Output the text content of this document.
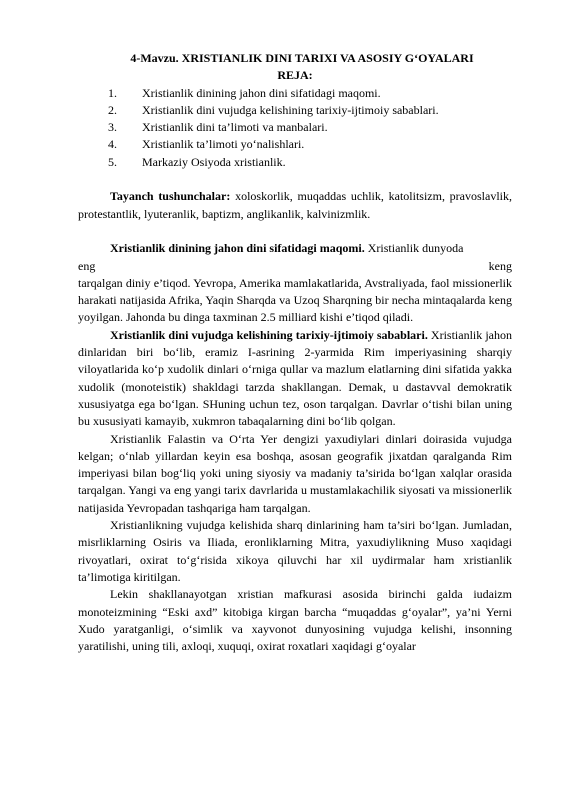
4-Mavzu. XRISTIANLIK DINI TARIXI VA ASOSIY G‘OYALARI
REJA:
1.	Xristianlik dinining jahon dini sifatidagi maqomi.
2.	Xristianlik dini vujudga kelishining tarixiy-ijtimoiy sabablari.
3.	Xristianlik dini ta’limoti va manbalari.
4.	Xristianlik ta’limoti yo‘nalishlari.
5.	Markaziy Osiyoda xristianlik.

Tayanch tushunchalar: xoloskorlik, muqaddas uchlik, katolitsizm, pravoslavlik, protestantlik, lyuteranlik, baptizm, anglikanlik, kalvinizmlik.

Xristianlik dinining jahon dini sifatidagi maqomi. Xristianlik dunyoda

eng	keng

tarqalgan diniy e’tiqod. Yevropa, Amerika mamlakatlarida, Avstraliyada, faol missionerlik harakati natijasida Afrika, Yaqin Sharqda va Uzoq Sharqning bir necha mintaqalarda keng yoyilgan. Jahonda bu dinga taxminan 2.5 milliard kishi e’tiqod qiladi.

Xristianlik dini vujudga kelishining tarixiy-ijtimoiy sabablari. Xristianlik jahon dinlaridan biri bo‘lib, eramiz I-asrining 2-yarmida Rim imperiyasining sharqiy viloyatlarida ko‘p xudolik dinlari o‘rniga qullar va mazlum elatlarning dini sifatida yakka xudolik (monoteistik) shakldagi tarzda shakllangan. Demak, u dastavval demokratik xususiyatga ega bo‘lgan. SHuning uchun tez, oson tarqalgan. Davrlar o‘tishi bilan uning bu xususiyati kamayib, xukmron tabaqalarning dini bo‘lib qolgan.

Xristianlik Falastin va O‘rta Yer dengizi yaxudiylari dinlari doirasida vujudga kelgan; o‘nlab yillardan keyin esa boshqa, asosan geografik jixatdan qaralganda Rim imperiyasi bilan bog‘liq yoki uning siyosiy va madaniy ta’sirida bo‘lgan xalqlar orasida tarqalgan. Yangi va eng yangi tarix davrlarida u mustamlakachilik siyosati va missionerlik natijasida Yevropadan tashqariga ham tarqalgan.

Xristianlikning vujudga kelishida sharq dinlarining ham ta’siri bo‘lgan. Jumladan, misrliklarning Osiris va Iliada, eronliklarning Mitra, yaxudiylikning Muso xaqidagi rivoyatlari, oxirat to‘g‘risida xikoya qiluvchi har xil uydirmalar ham xristianlik ta’limotiga kiritilgan.

Lekin shakllanayotgan xristian mafkurasi asosida birinchi galda iudaizm monoteizmining “Eski axd” kitobiga kirgan barcha “muqaddas g‘oyalar”, ya’ni Yerni Xudo yaratganligi, o‘simlik va xayvonot dunyosining vujudga kelishi, insonning yaratilishi, uning tili, axloqi, xuquqi, oxirat roxatlari xaqidagi g‘oyalar
